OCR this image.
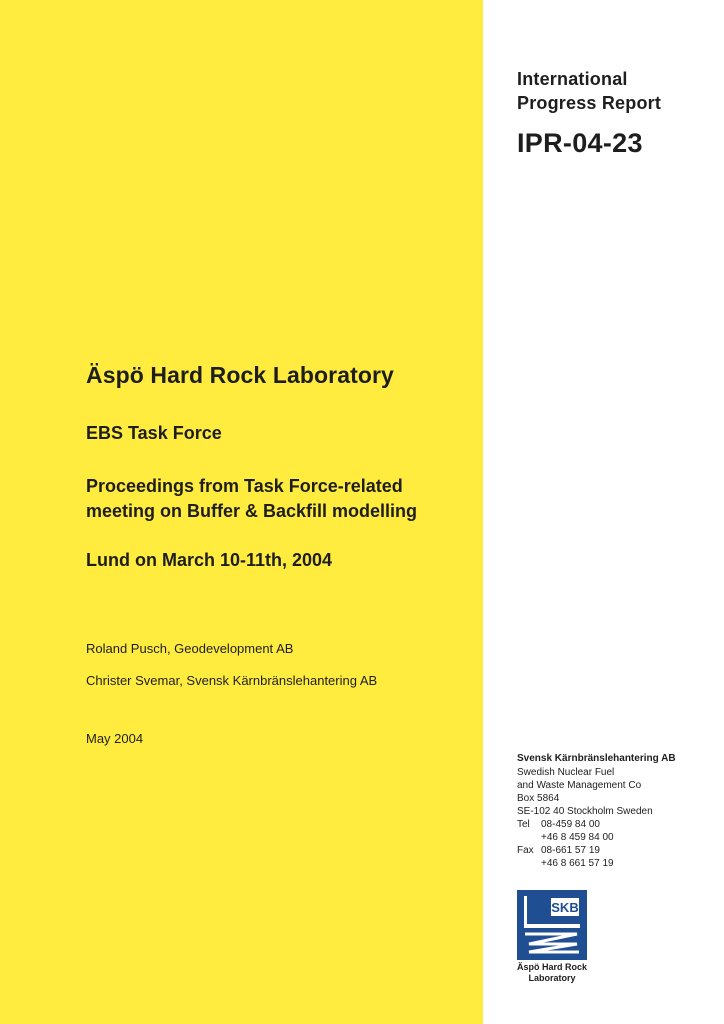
International
Progress Report
IPR-04-23
Äspö Hard Rock Laboratory
EBS Task Force
Proceedings from Task Force-related
meeting on Buffer & Backfill modelling
Lund on March 10-11th, 2004
Roland Pusch, Geodevelopment AB
Christer Svemar, Svensk Kärnbränslehantering AB
May 2004
Svensk Kärnbränslehantering AB
Swedish Nuclear Fuel
and Waste Management Co
Box 5864
SE-102 40 Stockholm Sweden
Tel	08-459 84 00
+46 8 459 84 00
Fax 08-661 57 19
+46 8 661 57 19
SKB
Äspö Hard Rock
Laboratory
